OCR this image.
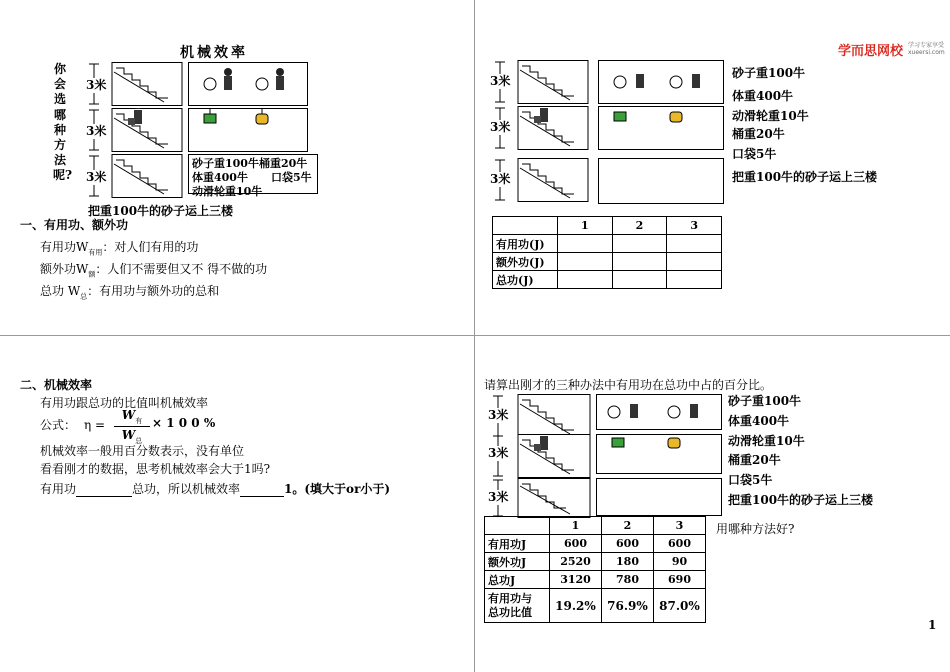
机械效率
你会选哪种方法呢?
3米
3米
3米
砂子重100牛桶重20牛
体重400牛      口袋5牛
动滑轮重10牛
把重100牛的砂子运上三楼
一、有用功、额外功
有用功$W_{有用}$：对人们有用的功
额外功$W_额$：人们不需要但又不 得不做的功
总功 $W_总$：有用功与额外功的总和
学而思网校 学习专家享受
xueersi.com
3米
3米
3米
砂子重100牛
体重400牛
动滑轮重10牛
桶重20牛
口袋5牛
把重100牛的砂子运上三楼
	1	2	3
有用功(J)			
额外功(J)			
总功(J)			
二、机械效率
有用功跟总功的比值叫机械效率
公式： η =
$W_有$
$W_总$
× 1 0 0 %
机械效率一般用百分数表示，没有单位
看看刚才的数据，思考机械效率会大于1吗?
有用功	总功，所以机械效率	1。(填大于or小于)
请算出刚才的三种办法中有用功在总功中占的百分比。
3米
3米
3米
砂子重100牛
体重400牛
动滑轮重10牛
桶重20牛
口袋5牛
把重100牛的砂子运上三楼
用哪种方法好?
	1	2	3
有用功J	600	600	600
额外功J	2520	180	90
总功J	3120	780	690
有用功与
总功比值	19.2%	76.9%	87.0%
1
